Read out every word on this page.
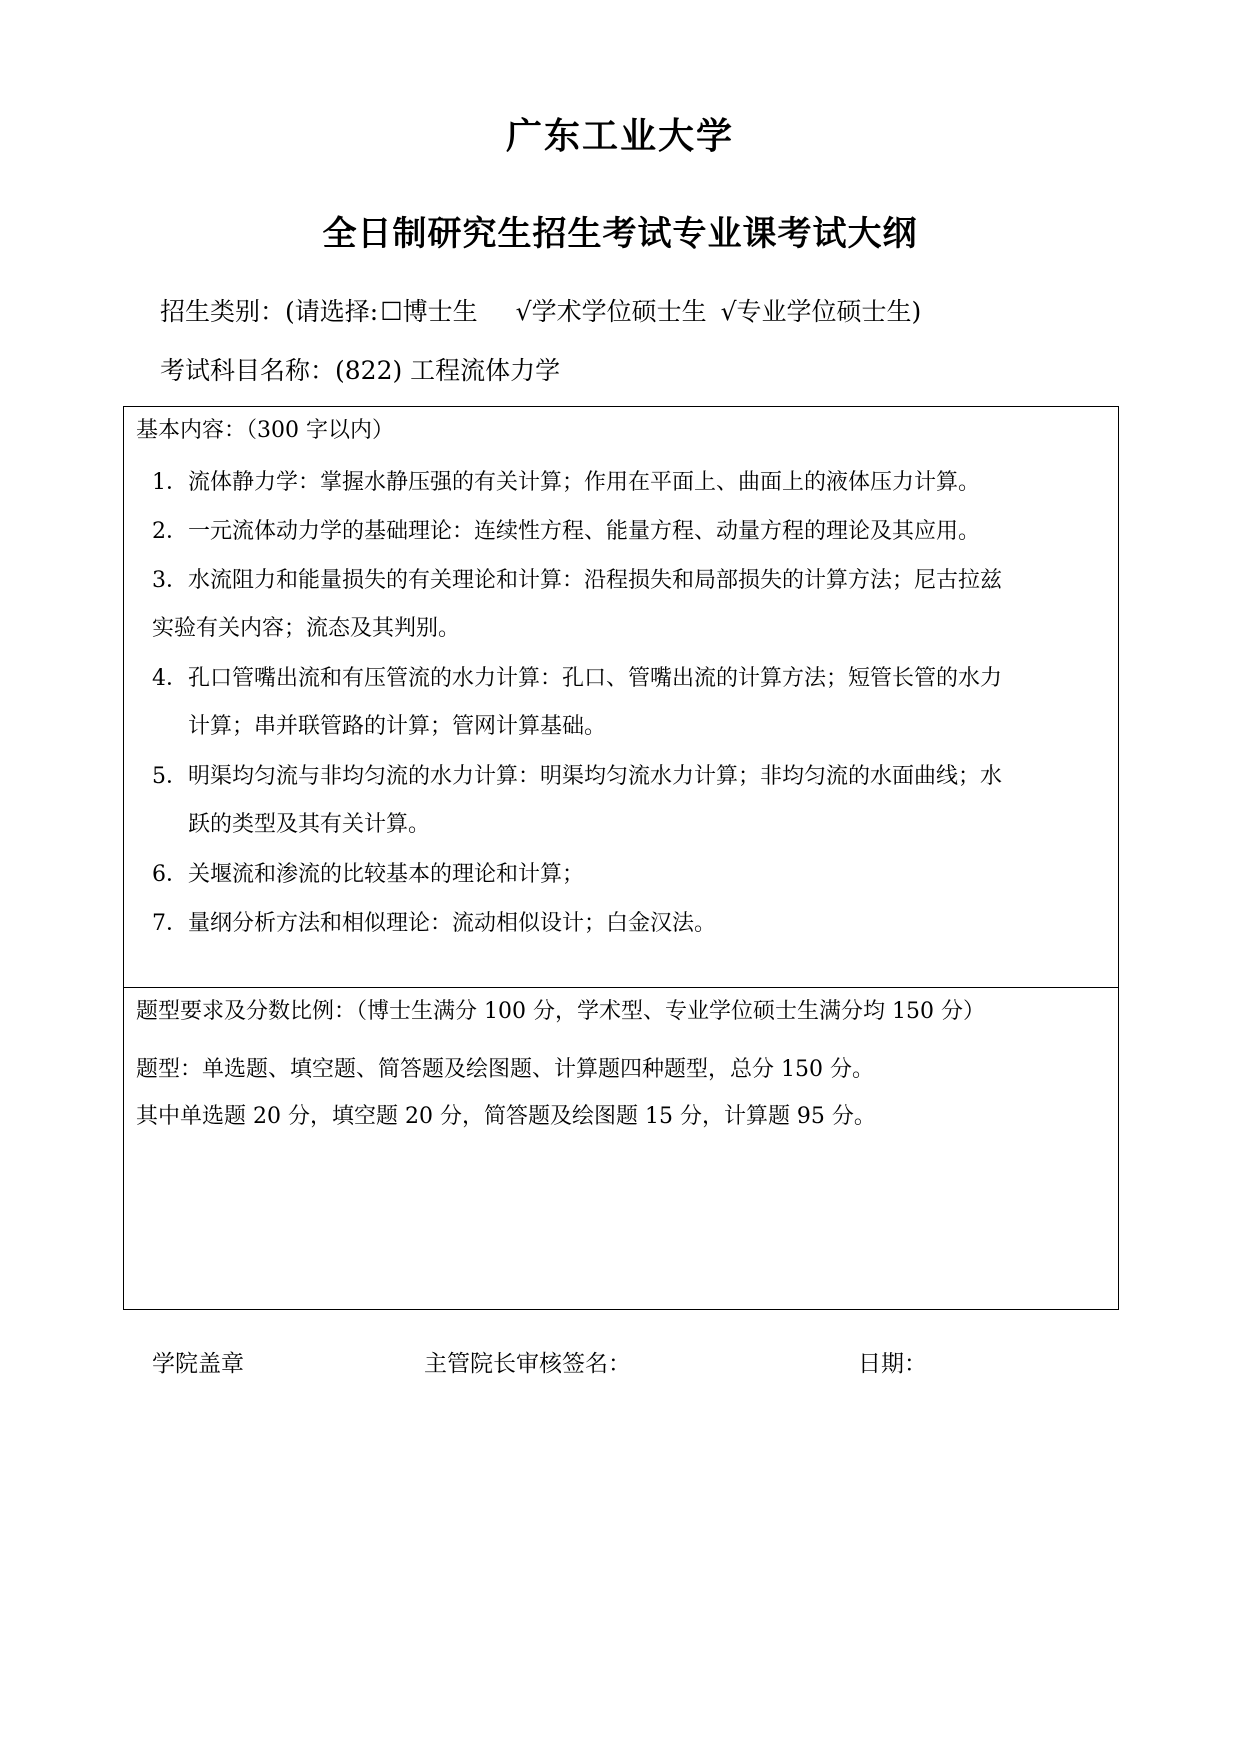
广东工业大学
全日制研究生招生考试专业课考试大纲
招生类别：(请选择:☐博士生 √学术学位硕士生 √专业学位硕士生)
考试科目名称：(822) 工程流体力学
基本内容：（300 字以内）
1．流体静力学：掌握水静压强的有关计算；作用在平面上、曲面上的液体压力计算。
2．一元流体动力学的基础理论：连续性方程、能量方程、动量方程的理论及其应用。
3．水流阻力和能量损失的有关理论和计算：沿程损失和局部损失的计算方法；尼古拉兹
实验有关内容；流态及其判别。
4．孔口管嘴出流和有压管流的水力计算：孔口、管嘴出流的计算方法；短管长管的水力
计算；串并联管路的计算；管网计算基础。
5．明渠均匀流与非均匀流的水力计算：明渠均匀流水力计算；非均匀流的水面曲线；水
跃的类型及其有关计算。
6．关堰流和渗流的比较基本的理论和计算；
7．量纲分析方法和相似理论：流动相似设计；白金汉法。
题型要求及分数比例：（博士生满分 100 分，学术型、专业学位硕士生满分均 150 分）
题型：单选题、填空题、简答题及绘图题、计算题四种题型，总分 150 分。
其中单选题 20 分，填空题 20 分，简答题及绘图题 15 分，计算题 95 分。
学院盖章	主管院长审核签名：	日期：
